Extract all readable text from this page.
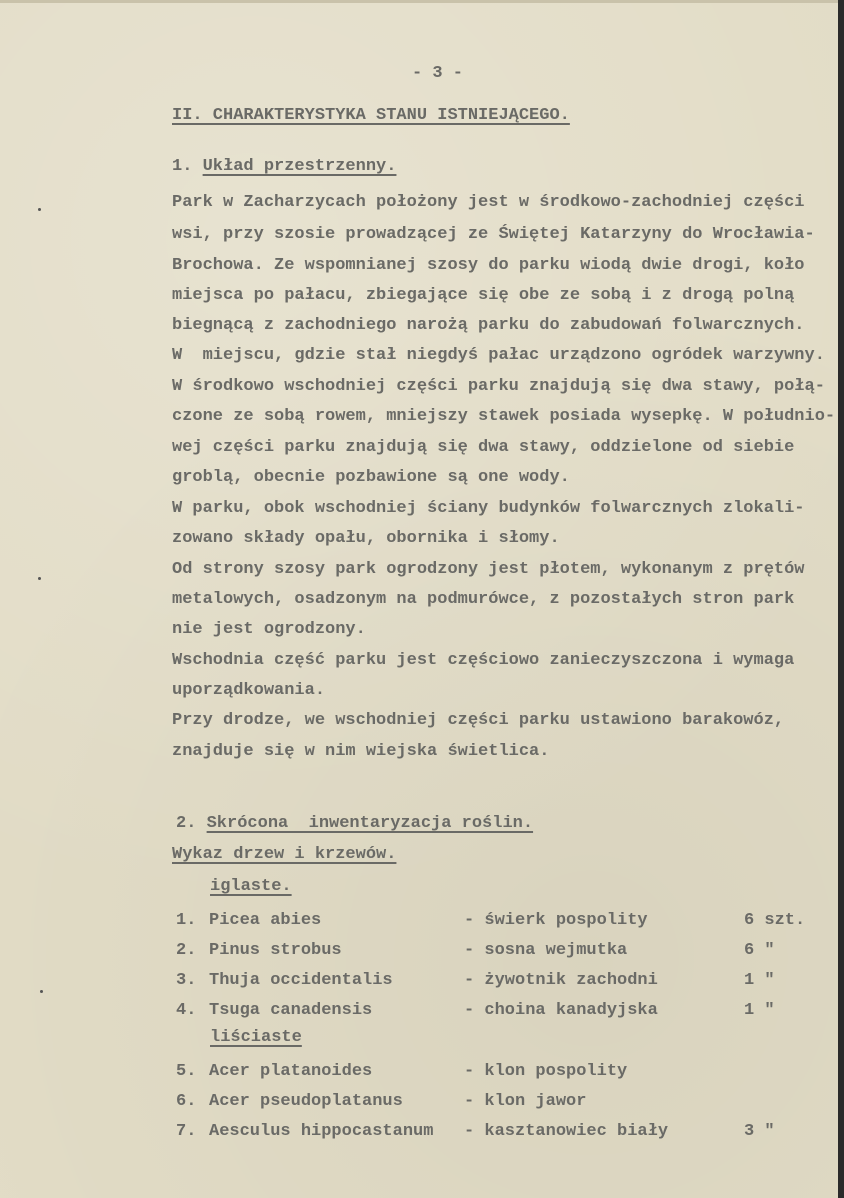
- 3 -
II. CHARAKTERYSTYKA STANU ISTNIEJĄCEGO.
1. Układ przestrzenny.
Park w Zacharzycach położony jest w środkowo-zachodniej części
wsi, przy szosie prowadzącej ze Świętej Katarzyny do Wrocławia-
Brochowa. Ze wspomnianej szosy do parku wiodą dwie drogi, koło
miejsca po pałacu, zbiegające się obe ze sobą i z drogą polną
biegnącą z zachodniego narożą parku do zabudowań folwarcznych.
W  miejscu, gdzie stał niegdyś pałac urządzono ogródek warzywny.
W środkowo wschodniej części parku znajdują się dwa stawy, połą-
czone ze sobą rowem, mniejszy stawek posiada wysepkę. W południo-
wej części parku znajdują się dwa stawy, oddzielone od siebie
groblą, obecnie pozbawione są one wody.
W parku, obok wschodniej ściany budynków folwarcznych zlokali-
zowano składy opału, obornika i słomy.
Od strony szosy park ogrodzony jest płotem, wykonanym z prętów
metalowych, osadzonym na podmurówce, z pozostałych stron park
nie jest ogrodzony.
Wschodnia część parku jest częściowo zanieczyszczona i wymaga
uporządkowania.
Przy drodze, we wschodniej części parku ustawiono barakowóz,
znajduje się w nim wiejska świetlica.
2. Skrócona  inwentaryzacja roślin.
Wykaz drzew i krzewów.
iglaste.
1. Picea abies	- świerk pospolity	6 szt.
2. Pinus strobus	- sosna wejmutka	6 "
3. Thuja occidentalis	- żywotnik zachodni	1 "
4. Tsuga canadensis	- choina kanadyjska	1 "
liściaste
5. Acer platanoides	- klon pospolity
6. Acer pseudoplatanus	- klon jawor
7. Aesculus hippocastanum - kasztanowiec biały	3 "
